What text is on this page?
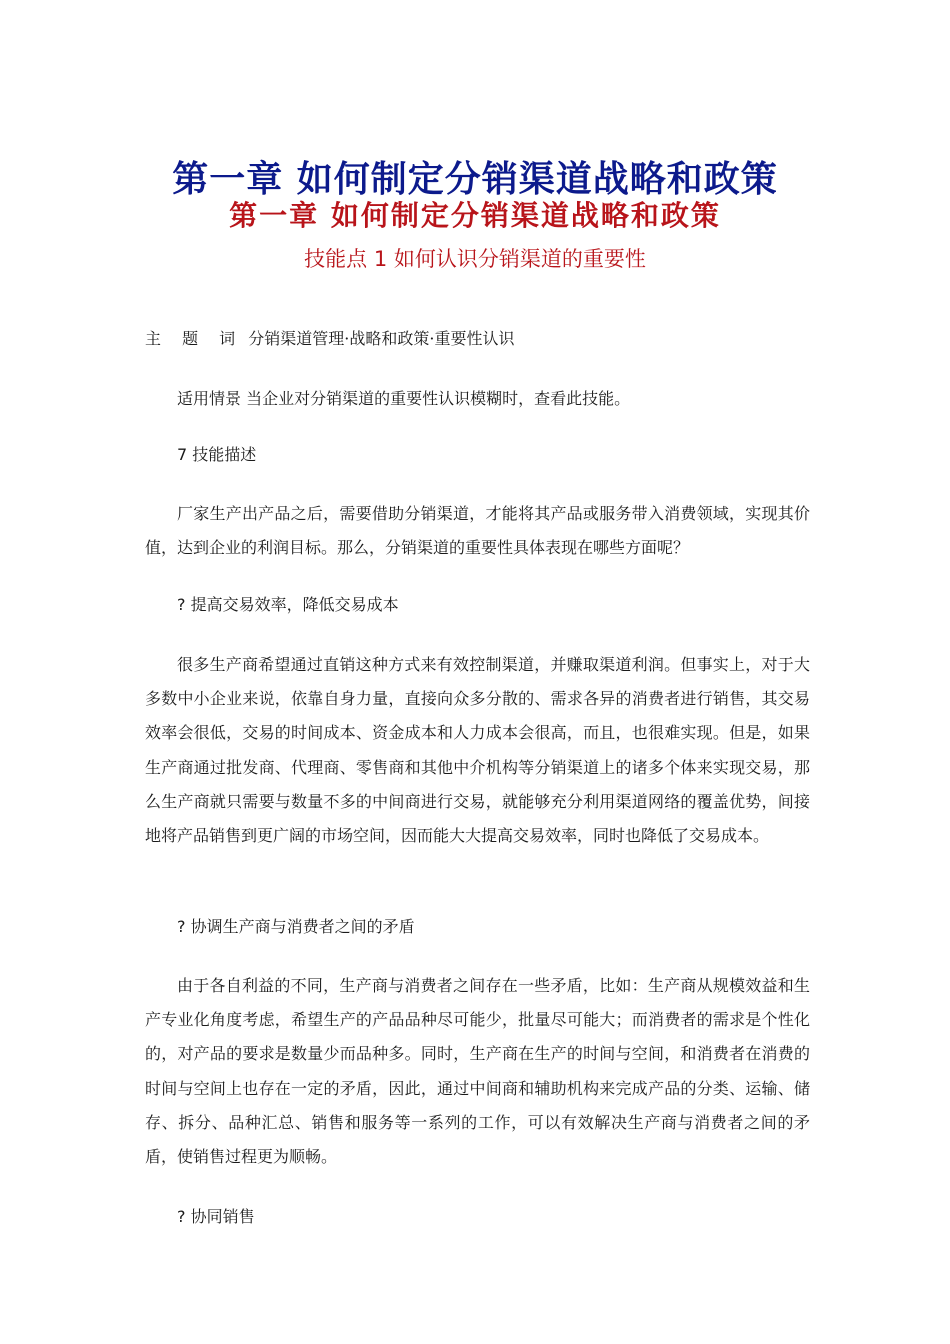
第一章 如何制定分销渠道战略和政策
第一章 如何制定分销渠道战略和政策
技能点 1 如何认识分销渠道的重要性
主 题 词 分销渠道管理·战略和政策·重要性认识
适用情景 当企业对分销渠道的重要性认识模糊时，查看此技能。
7 技能描述
厂家生产出产品之后，需要借助分销渠道，才能将其产品或服务带入消费领域，实现其价值，达到企业的利润目标。那么，分销渠道的重要性具体表现在哪些方面呢？
? 提高交易效率，降低交易成本
很多生产商希望通过直销这种方式来有效控制渠道，并赚取渠道利润。但事实上，对于大多数中小企业来说，依靠自身力量，直接向众多分散的、需求各异的消费者进行销售，其交易效率会很低，交易的时间成本、资金成本和人力成本会很高，而且，也很难实现。但是，如果生产商通过批发商、代理商、零售商和其他中介机构等分销渠道上的诸多个体来实现交易，那么生产商就只需要与数量不多的中间商进行交易，就能够充分利用渠道网络的覆盖优势，间接地将产品销售到更广阔的市场空间，因而能大大提高交易效率，同时也降低了交易成本。
? 协调生产商与消费者之间的矛盾
由于各自利益的不同，生产商与消费者之间存在一些矛盾，比如：生产商从规模效益和生产专业化角度考虑，希望生产的产品品种尽可能少，批量尽可能大；而消费者的需求是个性化的，对产品的要求是数量少而品种多。同时，生产商在生产的时间与空间，和消费者在消费的时间与空间上也存在一定的矛盾，因此，通过中间商和辅助机构来完成产品的分类、运输、储存、拆分、品种汇总、销售和服务等一系列的工作，可以有效解决生产商与消费者之间的矛盾，使销售过程更为顺畅。
? 协同销售
